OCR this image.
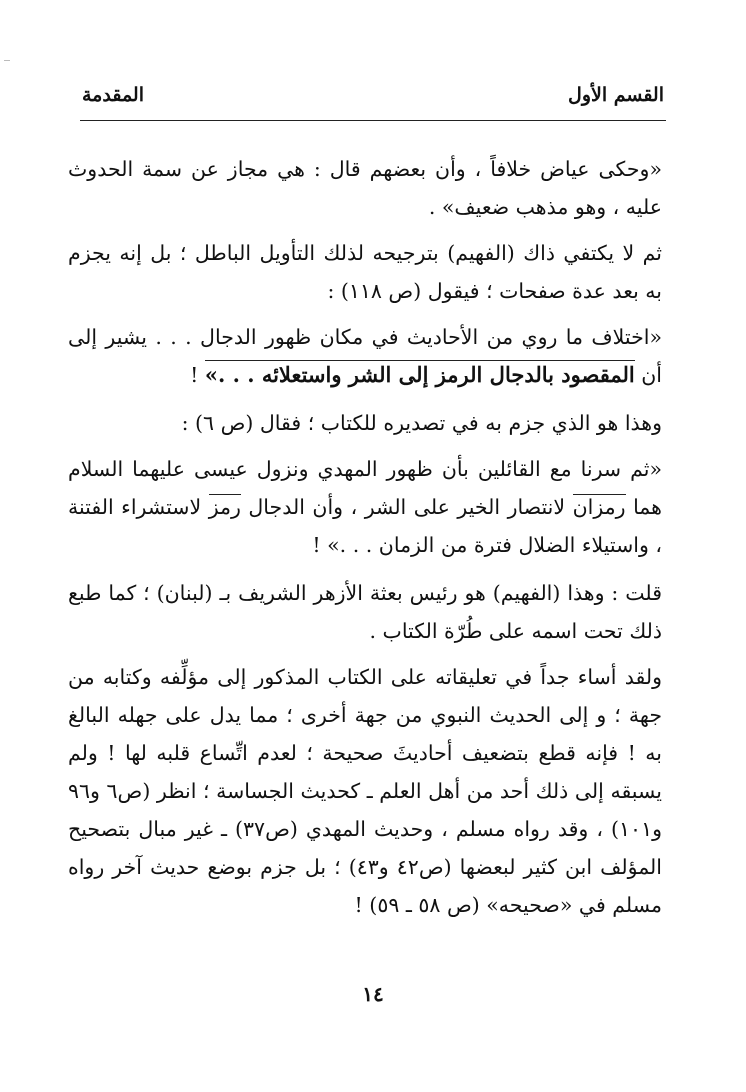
القسم الأول
المقدمة

«وحكى عياض خلافاً ، وأن بعضهم قال : هي مجاز عن سمة الحدوث عليه ، وهو مذهب ضعيف» .

ثم لا يكتفي ذاك (الفهيم) بترجيحه لذلك التأويل الباطل ؛ بل إنه يجزم به بعد عدة صفحات ؛ فيقول (ص ١١٨) :

«اختلاف ما روي من الأحاديث في مكان ظهور الدجال . . . يشير إلى أن المقصود بالدجال الرمز إلى الشر واستعلائه . . .» !

وهذا هو الذي جزم به في تصديره للكتاب ؛ فقال (ص ٦) :

«ثم سرنا مع القائلين بأن ظهور المهدي ونزول عيسى عليهما السلام هما رمزان لانتصار الخير على الشر ، وأن الدجال رمز لاستشراء الفتنة ، واستيلاء الضلال فترة من الزمان . . .» !

قلت : وهذا (الفهيم) هو رئيس بعثة الأزهر الشريف بـ (لبنان) ؛ كما طبع ذلك تحت اسمه على طُرّة الكتاب .

ولقد أساء جداً في تعليقاته على الكتاب المذكور إلى مؤلِّفه وكتابه من جهة ؛ و إلى الحديث النبوي من جهة أخرى ؛ مما يدل على جهله البالغ به ! فإنه قطع بتضعيف أحاديثَ صحيحة ؛ لعدم اتِّساع قلبه لها ! ولم يسبقه إلى ذلك أحد من أهل العلم ـ كحديث الجساسة ؛ انظر (ص٦ و٩٦ و١٠١) ، وقد رواه مسلم ، وحديث المهدي (ص٣٧) ـ غير مبال بتصحيح المؤلف ابن كثير لبعضها (ص٤٢ و٤٣) ؛ بل جزم بوضع حديث آخر رواه مسلم في «صحيحه» (ص ٥٨ ـ ٥٩) !

١٤
